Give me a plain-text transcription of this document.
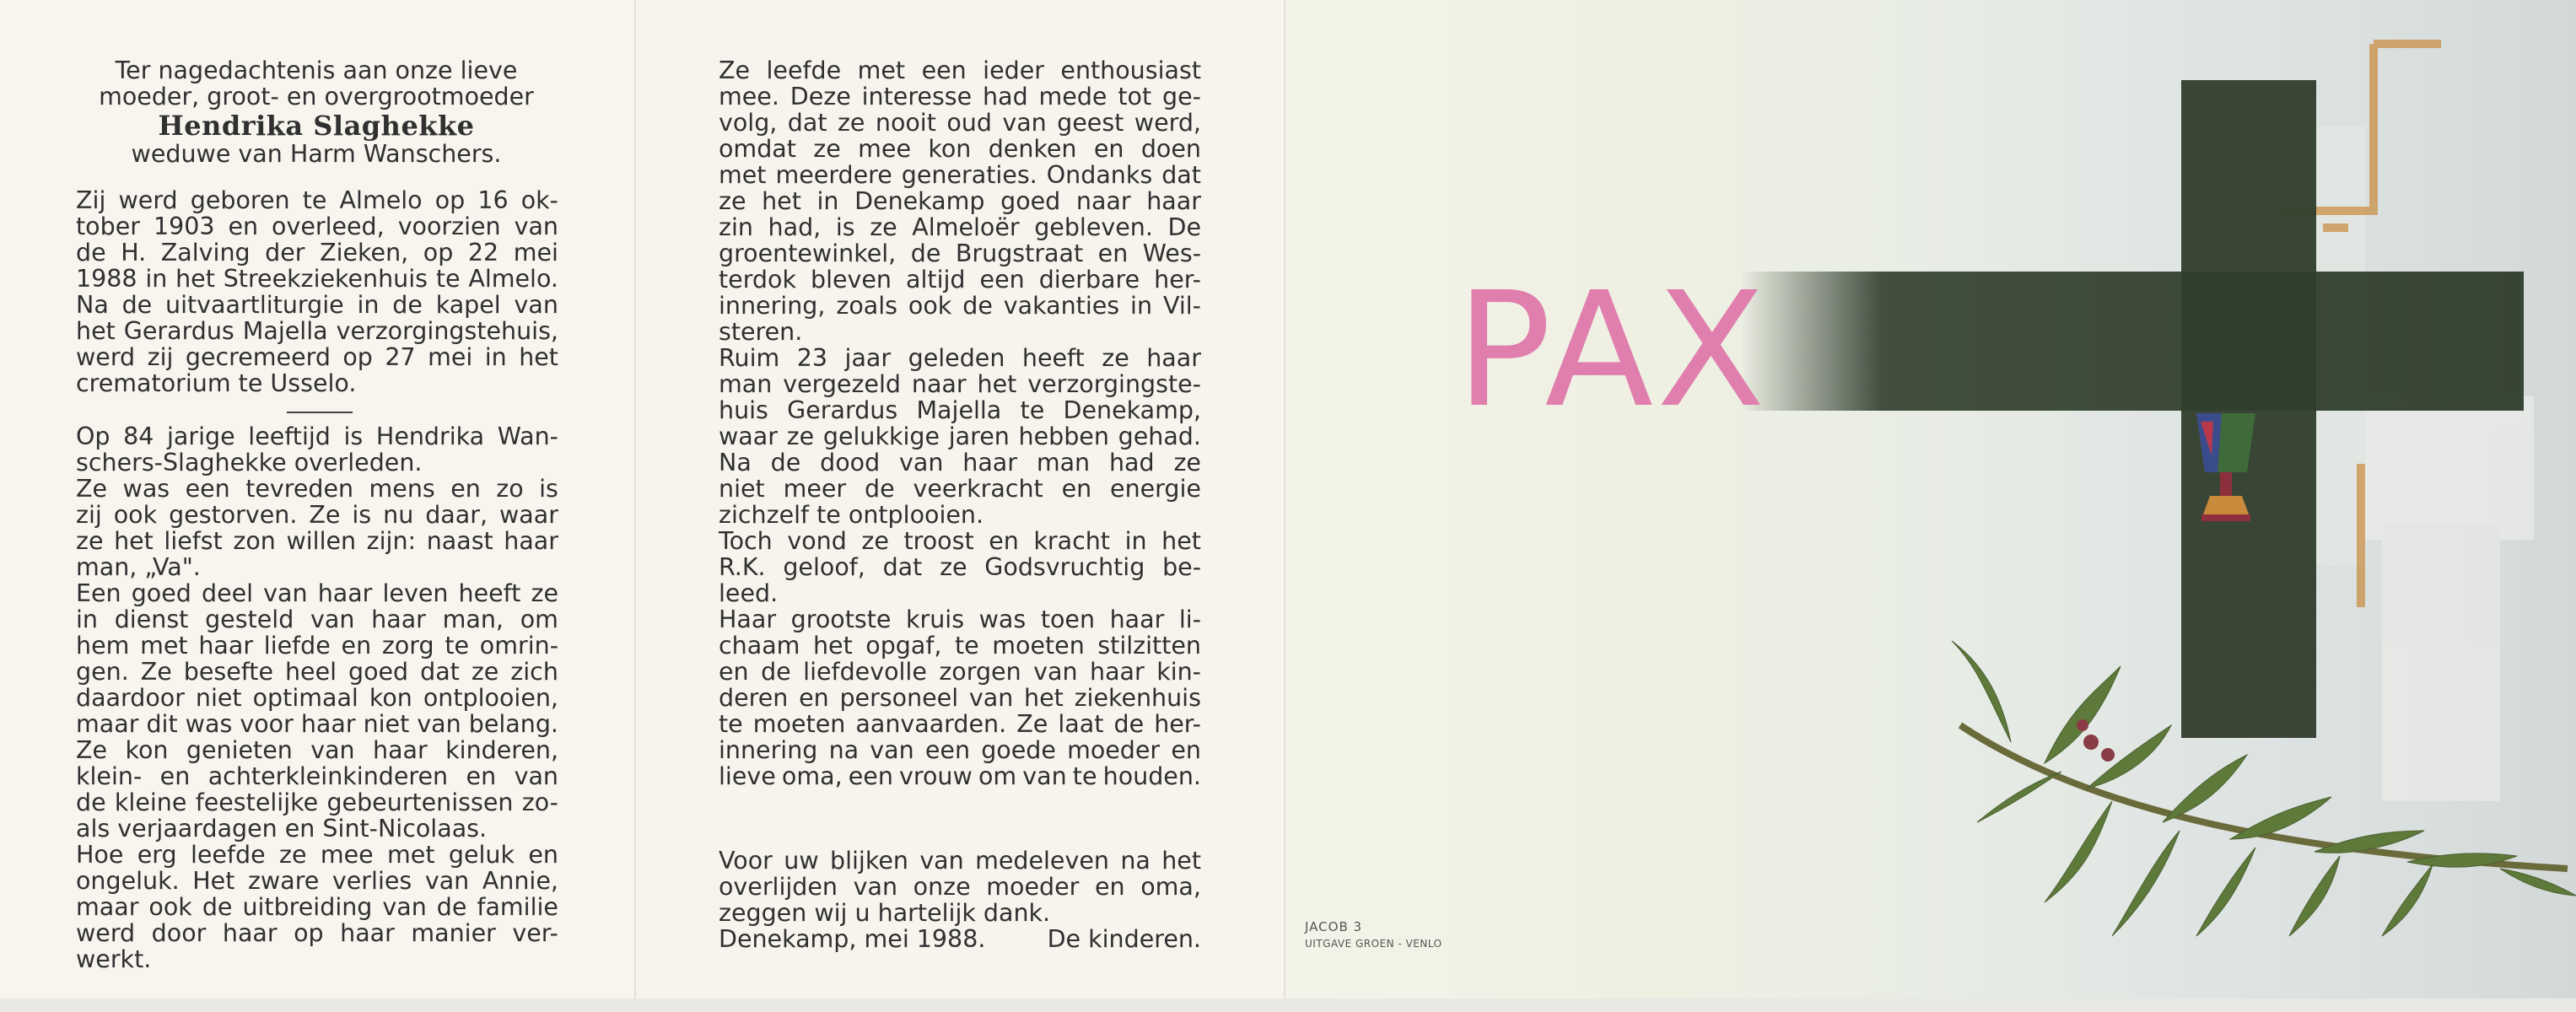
Ter nagedachtenis aan onze lieve
moeder, groot- en overgrootmoeder
Hendrika Slaghekke
weduwe van Harm Wanschers.
Zij werd geboren te Almelo op 16 ok-
tober 1903 en overleed, voorzien van
de H. Zalving der Zieken, op 22 mei
1988 in het Streekziekenhuis te Almelo.
Na de uitvaartliturgie in de kapel van
het Gerardus Majella verzorgingstehuis,
werd zij gecremeerd op 27 mei in het
crematorium te Usselo.
Op 84 jarige leeftijd is Hendrika Wan-
schers-Slaghekke overleden.
Ze was een tevreden mens en zo is
zij ook gestorven. Ze is nu daar, waar
ze het liefst zon willen zijn: naast haar
man, „Va".
Een goed deel van haar leven heeft ze
in dienst gesteld van haar man, om
hem met haar liefde en zorg te omrin-
gen. Ze besefte heel goed dat ze zich
daardoor niet optimaal kon ontplooien,
maar dit was voor haar niet van belang.
Ze kon genieten van haar kinderen,
klein- en achterkleinkinderen en van
de kleine feestelijke gebeurtenissen zo-
als verjaardagen en Sint-Nicolaas.
Hoe erg leefde ze mee met geluk en
ongeluk. Het zware verlies van Annie,
maar ook de uitbreiding van de familie
werd door haar op haar manier ver-
werkt.
Ze leefde met een ieder enthousiast
mee. Deze interesse had mede tot ge-
volg, dat ze nooit oud van geest werd,
omdat ze mee kon denken en doen
met meerdere generaties. Ondanks dat
ze het in Denekamp goed naar haar
zin had, is ze Almeloër gebleven. De
groentewinkel, de Brugstraat en Wes-
terdok bleven altijd een dierbare her-
innering, zoals ook de vakanties in Vil-
steren.
Ruim 23 jaar geleden heeft ze haar
man vergezeld naar het verzorgingste-
huis Gerardus Majella te Denekamp,
waar ze gelukkige jaren hebben gehad.
Na de dood van haar man had ze
niet meer de veerkracht en energie
zichzelf te ontplooien.
Toch vond ze troost en kracht in het
R.K. geloof, dat ze Godsvruchtig be-
leed.
Haar grootste kruis was toen haar li-
chaam het opgaf, te moeten stilzitten
en de liefdevolle zorgen van haar kin-
deren en personeel van het ziekenhuis
te moeten aanvaarden. Ze laat de her-
innering na van een goede moeder en
lieve oma, een vrouw om van te houden.
Voor uw blijken van medeleven na het
overlijden van onze moeder en oma,
zeggen wij u hartelijk dank.
Denekamp, mei 1988.	De kinderen.
PAX
JACOB 3
UITGAVE GROEN - VENLO
